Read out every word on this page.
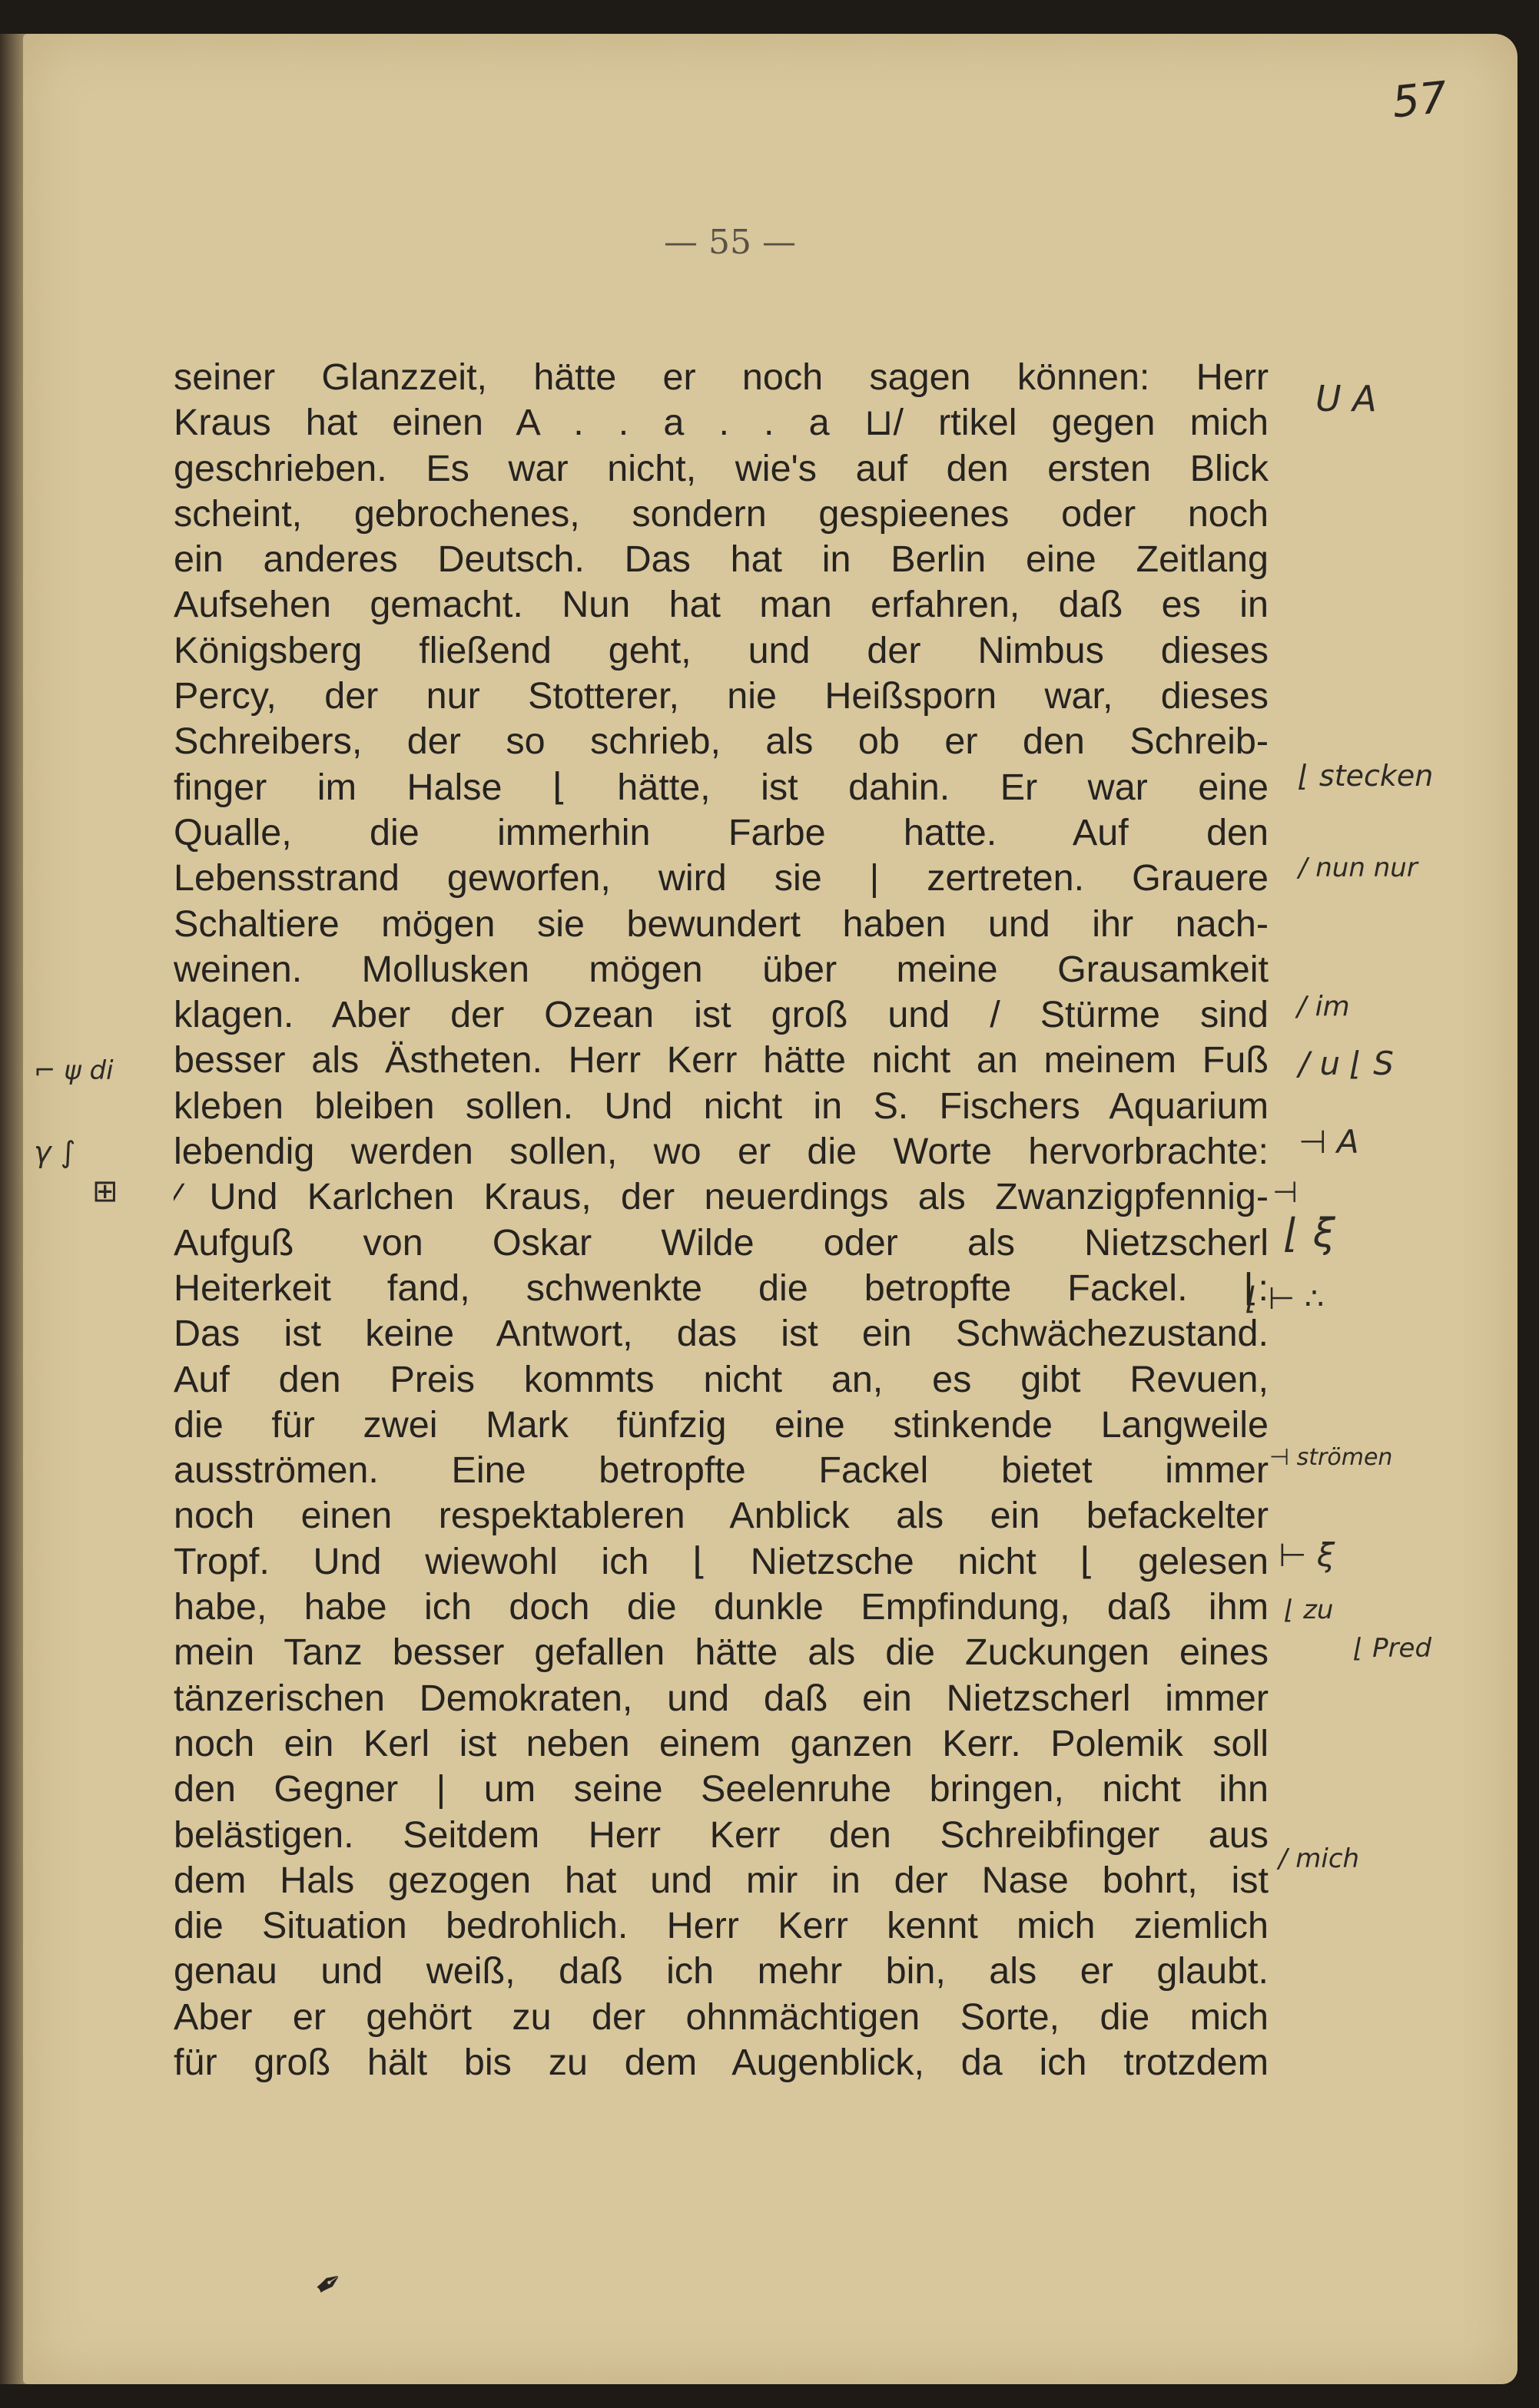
57
— 55 —
seiner Glanzzeit, hätte er noch sagen können: Herr
Kraus hat einen A . . a . . a ⊔/ rtikel gegen mich
geschrieben. Es war nicht, wie's auf den ersten Blick
scheint, gebrochenes, sondern gespieenes oder noch
ein anderes Deutsch. Das hat in Berlin eine Zeitlang
Aufsehen gemacht. Nun hat man erfahren, daß es in
Königsberg fließend geht, und der Nimbus dieses
Percy, der nur Stotterer, nie Heißsporn war, dieses
Schreibers, der so schrieb, als ob er den Schreib-
finger im Halse ⌊ hätte, ist dahin. Er war eine
Qualle, die immerhin Farbe hatte. Auf den
Lebensstrand geworfen, wird sie | zertreten. Grauere
Schaltiere mögen sie bewundert haben und ihr nach-
weinen. Mollusken mögen über meine Grausamkeit
klagen. Aber der Ozean ist groß und / Stürme sind
besser als Ästheten. Herr Kerr hätte nicht an meinem Fuß
kleben bleiben sollen. Und nicht in S. Fischers Aquarium
lebendig werden sollen, wo er die Worte hervorbrachte:
⁄ Und Karlchen Kraus, der neuerdings als Zwanzigpfennig-
Aufguß von Oskar Wilde oder als Nietzscherl
Heiterkeit fand, schwenkte die betropfte Fackel. ⌊:
Das ist keine Antwort, das ist ein Schwächezustand.
Auf den Preis kommts nicht an, es gibt Revuen,
die für zwei Mark fünfzig eine stinkende Langweile
ausströmen. Eine betropfte Fackel bietet immer
noch einen respektableren Anblick als ein befackelter
Tropf. Und wiewohl ich ⌊ Nietzsche nicht ⌊ gelesen
habe, habe ich doch die dunkle Empfindung, daß ihm
mein Tanz besser gefallen hätte als die Zuckungen eines
tänzerischen Demokraten, und daß ein Nietzscherl immer
noch ein Kerl ist neben einem ganzen Kerr. Polemik soll
den Gegner | um seine Seelenruhe bringen, nicht ihn
belästigen. Seitdem Herr Kerr den Schreibfinger aus
dem Hals gezogen hat und mir in der Nase bohrt, ist
die Situation bedrohlich. Herr Kerr kennt mich ziemlich
genau und weiß, daß ich mehr bin, als er glaubt.
Aber er gehört zu der ohnmächtigen Sorte, die mich
für groß hält bis zu dem Augenblick, da ich trotzdem
U A
⌊ stecken
/ nun nur
/ im
/ u ⌊ S
⊣ A
⊣
⌊ ξ
⌊ ⊢ ∴
⊣ strömen
⊢ ξ
⌊ zu
⌊ Pred
/ mich
⌐ ψ di
γ ∫
⊞
✒
